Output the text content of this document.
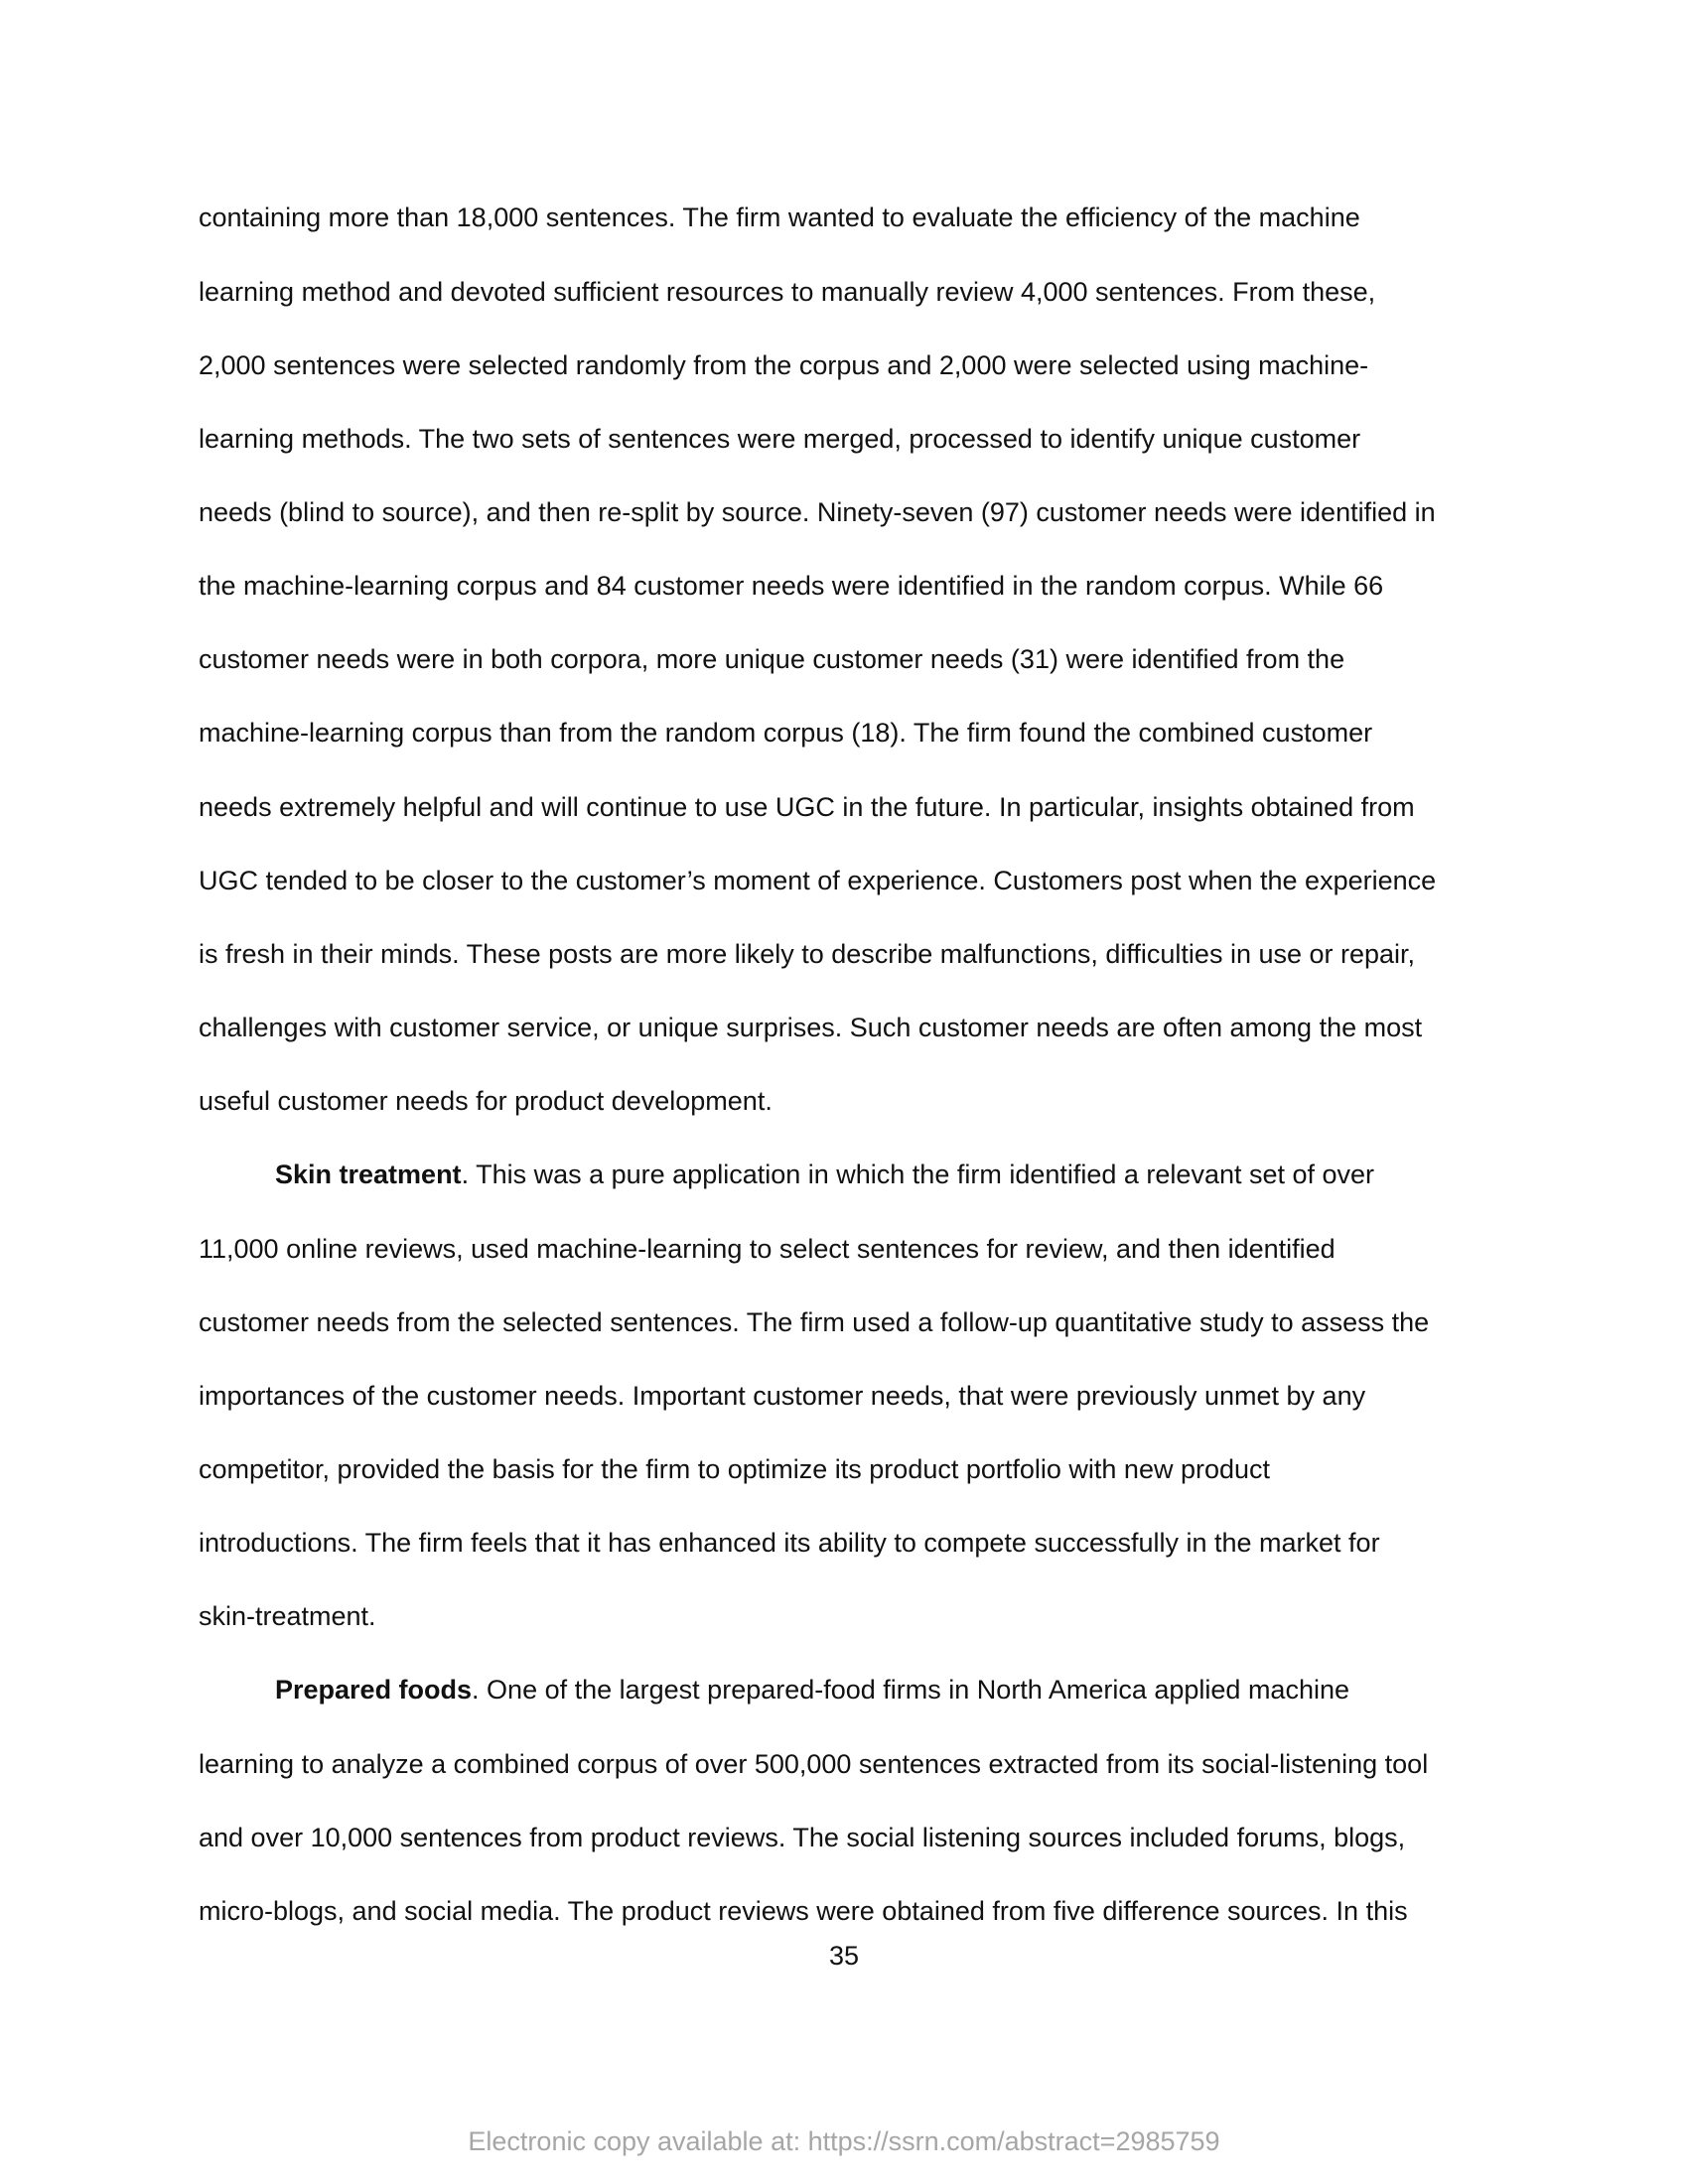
containing more than 18,000 sentences. The firm wanted to evaluate the efficiency of the machine
learning method and devoted sufficient resources to manually review 4,000 sentences. From these,
2,000 sentences were selected randomly from the corpus and 2,000 were selected using machine-
learning methods. The two sets of sentences were merged, processed to identify unique customer
needs (blind to source), and then re-split by source. Ninety-seven (97) customer needs were identified in
the machine-learning corpus and 84 customer needs were identified in the random corpus. While 66
customer needs were in both corpora, more unique customer needs (31) were identified from the
machine-learning corpus than from the random corpus (18). The firm found the combined customer
needs extremely helpful and will continue to use UGC in the future. In particular, insights obtained from
UGC tended to be closer to the customer’s moment of experience. Customers post when the experience
is fresh in their minds. These posts are more likely to describe malfunctions, difficulties in use or repair,
challenges with customer service, or unique surprises. Such customer needs are often among the most
useful customer needs for product development.
Skin treatment. This was a pure application in which the firm identified a relevant set of over
11,000 online reviews, used machine-learning to select sentences for review, and then identified
customer needs from the selected sentences. The firm used a follow-up quantitative study to assess the
importances of the customer needs. Important customer needs, that were previously unmet by any
competitor, provided the basis for the firm to optimize its product portfolio with new product
introductions. The firm feels that it has enhanced its ability to compete successfully in the market for
skin-treatment.
Prepared foods. One of the largest prepared-food firms in North America applied machine
learning to analyze a combined corpus of over 500,000 sentences extracted from its social-listening tool
and over 10,000 sentences from product reviews. The social listening sources included forums, blogs,
micro-blogs, and social media. The product reviews were obtained from five difference sources. In this
35
Electronic copy available at: https://ssrn.com/abstract=2985759
